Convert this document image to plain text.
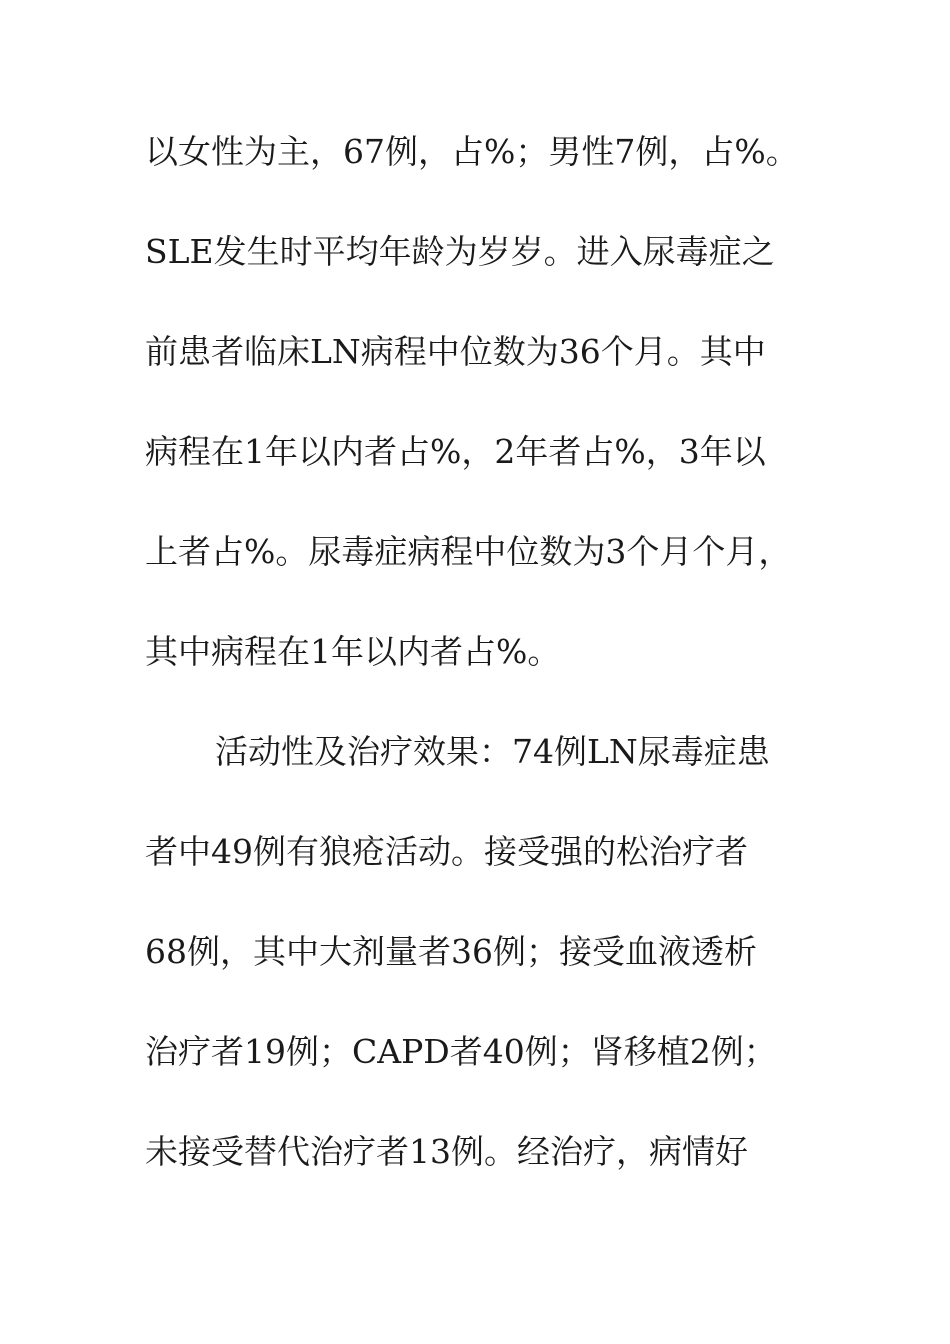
以女性为主，67例，占%；男性7例，占%。
SLE发生时平均年龄为岁岁。进入尿毒症之
前患者临床LN病程中位数为36个月。其中
病程在1年以内者占%，2年者占%，3年以
上者占%。尿毒症病程中位数为3个月个月，
其中病程在1年以内者占%。
活动性及治疗效果：74例LN尿毒症患
者中49例有狼疮活动。接受强的松治疗者
68例，其中大剂量者36例；接受血液透析
治疗者19例；CAPD者40例；肾移植2例；
未接受替代治疗者13例。经治疗，病情好
